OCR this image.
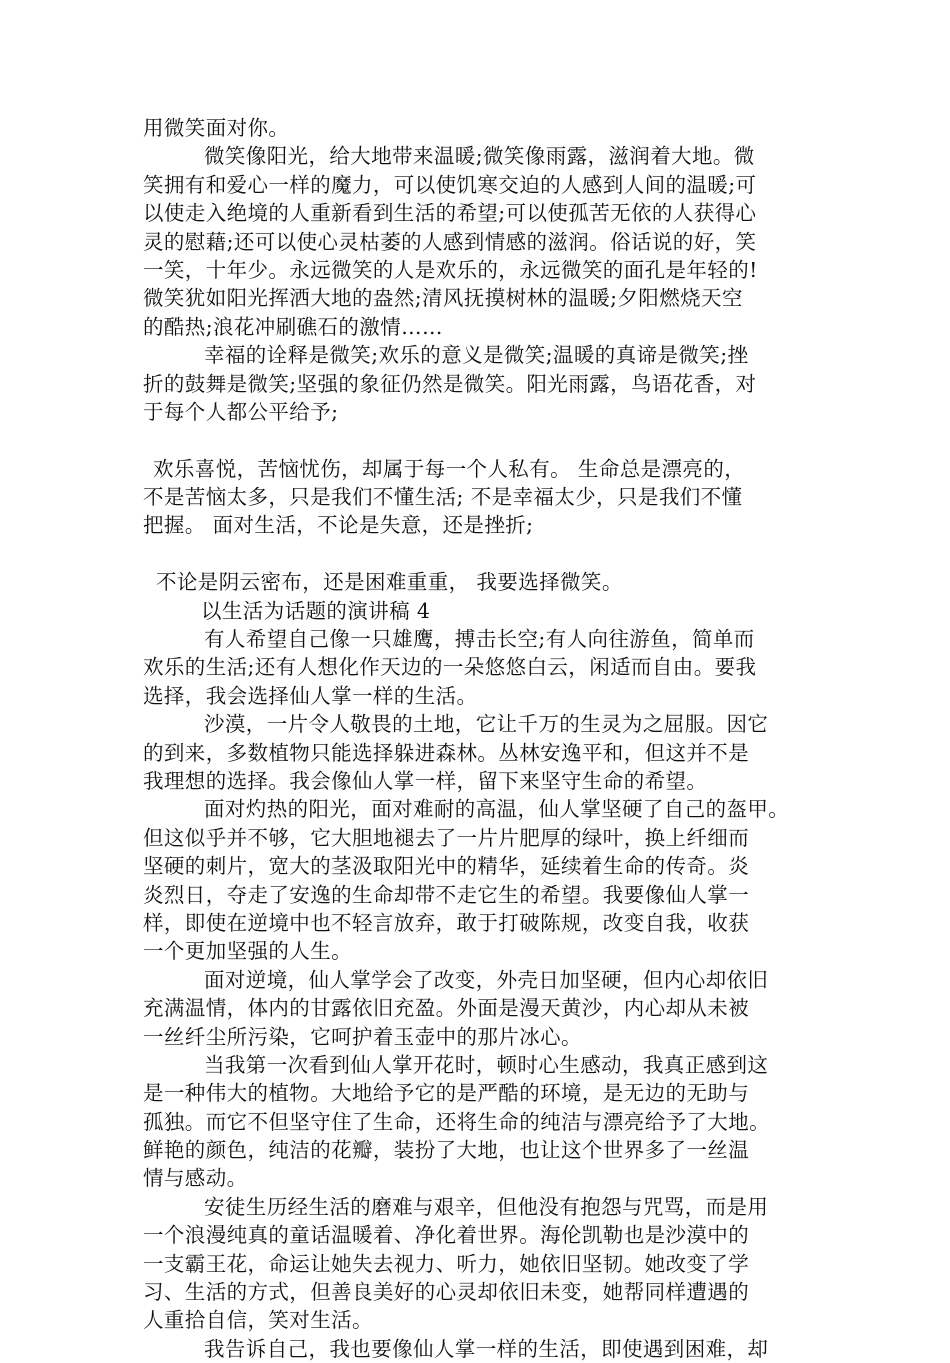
用微笑面对你。
微笑像阳光，给大地带来温暖;微笑像雨露，滋润着大地。微
笑拥有和爱心一样的魔力，可以使饥寒交迫的人感到人间的温暖;可
以使走入绝境的人重新看到生活的希望;可以使孤苦无依的人获得心
灵的慰藉;还可以使心灵枯萎的人感到情感的滋润。俗话说的好，笑
一笑，十年少。永远微笑的人是欢乐的，永远微笑的面孔是年轻的!
微笑犹如阳光挥洒大地的盎然;清风抚摸树林的温暖;夕阳燃烧天空
的酷热;浪花冲刷礁石的激情……
幸福的诠释是微笑;欢乐的意义是微笑;温暖的真谛是微笑;挫
折的鼓舞是微笑;坚强的象征仍然是微笑。阳光雨露，鸟语花香，对
于每个人都公平给予;
欢乐喜悦，苦恼忧伤，却属于每一个人私有。 生命总是漂亮的，
不是苦恼太多，只是我们不懂生活; 不是幸福太少，只是我们不懂
把握。 面对生活，不论是失意，还是挫折;
不论是阴云密布，还是困难重重， 我要选择微笑。
以生活为话题的演讲稿 4
有人希望自己像一只雄鹰，搏击长空;有人向往游鱼，简单而
欢乐的生活;还有人想化作天边的一朵悠悠白云，闲适而自由。要我
选择，我会选择仙人掌一样的生活。
沙漠，一片令人敬畏的土地，它让千万的生灵为之屈服。因它
的到来，多数植物只能选择躲进森林。丛林安逸平和，但这并不是
我理想的选择。我会像仙人掌一样，留下来坚守生命的希望。
面对灼热的阳光，面对难耐的高温，仙人掌坚硬了自己的盔甲。
但这似乎并不够，它大胆地褪去了一片片肥厚的绿叶，换上纤细而
坚硬的刺片，宽大的茎汲取阳光中的精华，延续着生命的传奇。炎
炎烈日，夺走了安逸的生命却带不走它生的希望。我要像仙人掌一
样，即使在逆境中也不轻言放弃，敢于打破陈规，改变自我，收获
一个更加坚强的人生。
面对逆境，仙人掌学会了改变，外壳日加坚硬，但内心却依旧
充满温情，体内的甘露依旧充盈。外面是漫天黄沙，内心却从未被
一丝纤尘所污染，它呵护着玉壶中的那片冰心。
当我第一次看到仙人掌开花时，顿时心生感动，我真正感到这
是一种伟大的植物。大地给予它的是严酷的环境，是无边的无助与
孤独。而它不但坚守住了生命，还将生命的纯洁与漂亮给予了大地。
鲜艳的颜色，纯洁的花瓣，装扮了大地，也让这个世界多了一丝温
情与感动。
安徒生历经生活的磨难与艰辛，但他没有抱怨与咒骂，而是用
一个浪漫纯真的童话温暖着、净化着世界。海伦凯勒也是沙漠中的
一支霸王花，命运让她失去视力、听力，她依旧坚韧。她改变了学
习、生活的方式，但善良美好的心灵却依旧未变，她帮同样遭遇的
人重拾自信，笑对生活。
我告诉自己，我也要像仙人掌一样的生活，即使遇到困难，却
